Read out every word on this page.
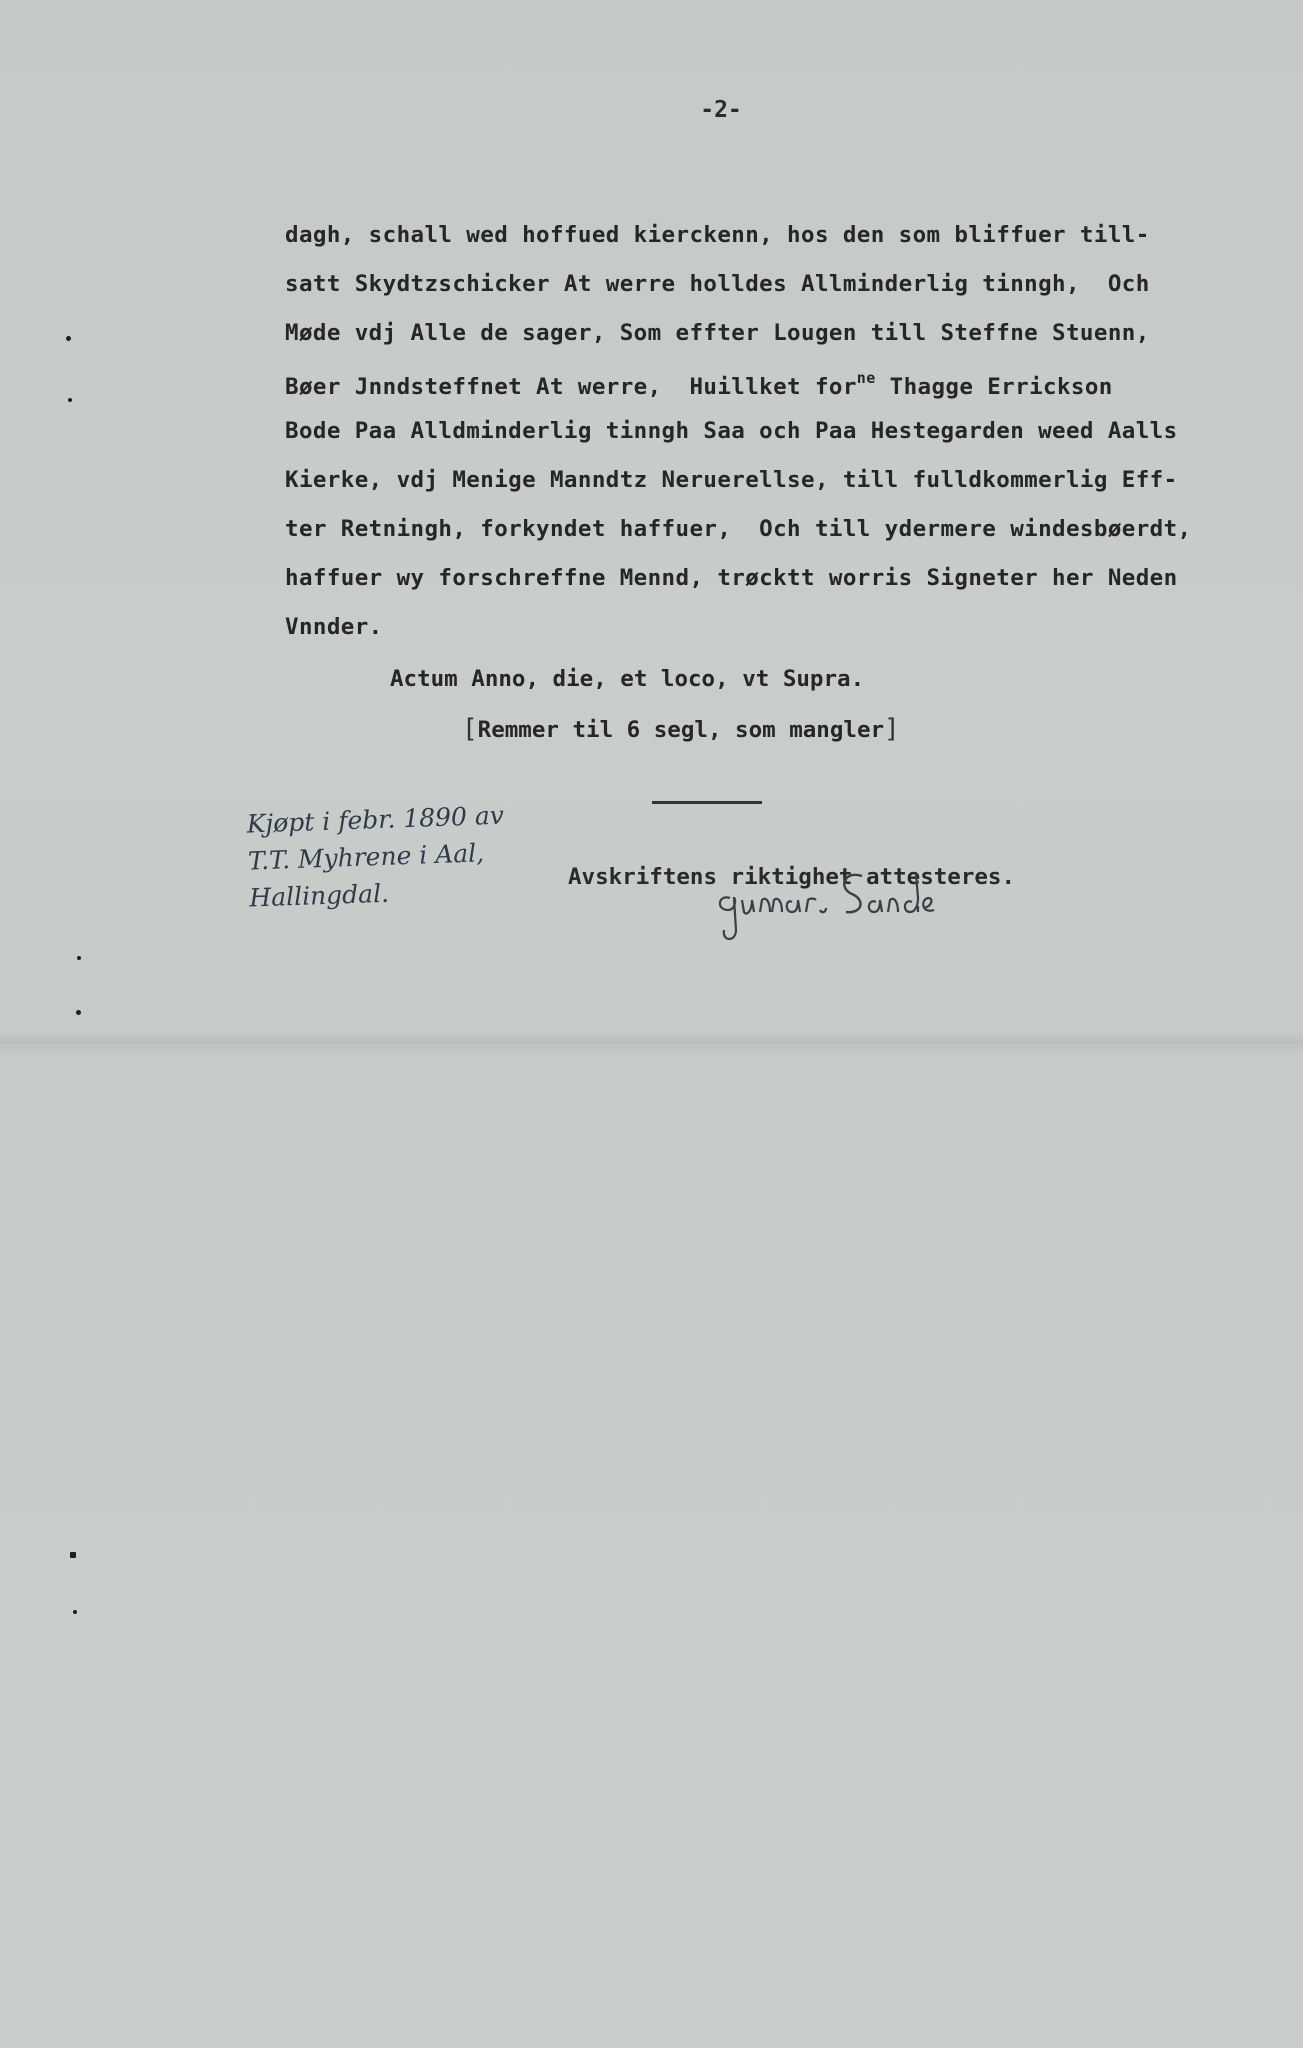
-2-

dagh, schall wed hoffued kierckenn, hos den som bliffuer till-

satt Skydtzschicker At werre holldes Allminderlig tinngh,  Och

Møde vdj Alle de sager, Som effter Lougen till Steffne Stuenn,

Bøer Jnndsteffnet At werre,  Huillket for$^{ne}$ Thagge Errickson

Bode Paa Alldminderlig tinngh Saa och Paa Hestegarden weed Aalls

Kierke, vdj Menige Manndtz Neruerellse, till fulldkommerlig Eff-

ter Retningh, forkyndet haffuer,  Och till ydermere windesbøerdt,

haffuer wy forschreffne Mennd, trøcktt worris Signeter her Neden

Vnnder.

Actum Anno, die, et loco, vt Supra.

[Remmer til 6 segl, som mangler]

Kjøpt i febr. 1890 av
T.T. Myhrene i Aal,
Hallingdal.
Avskriftens riktighet attesteres.
